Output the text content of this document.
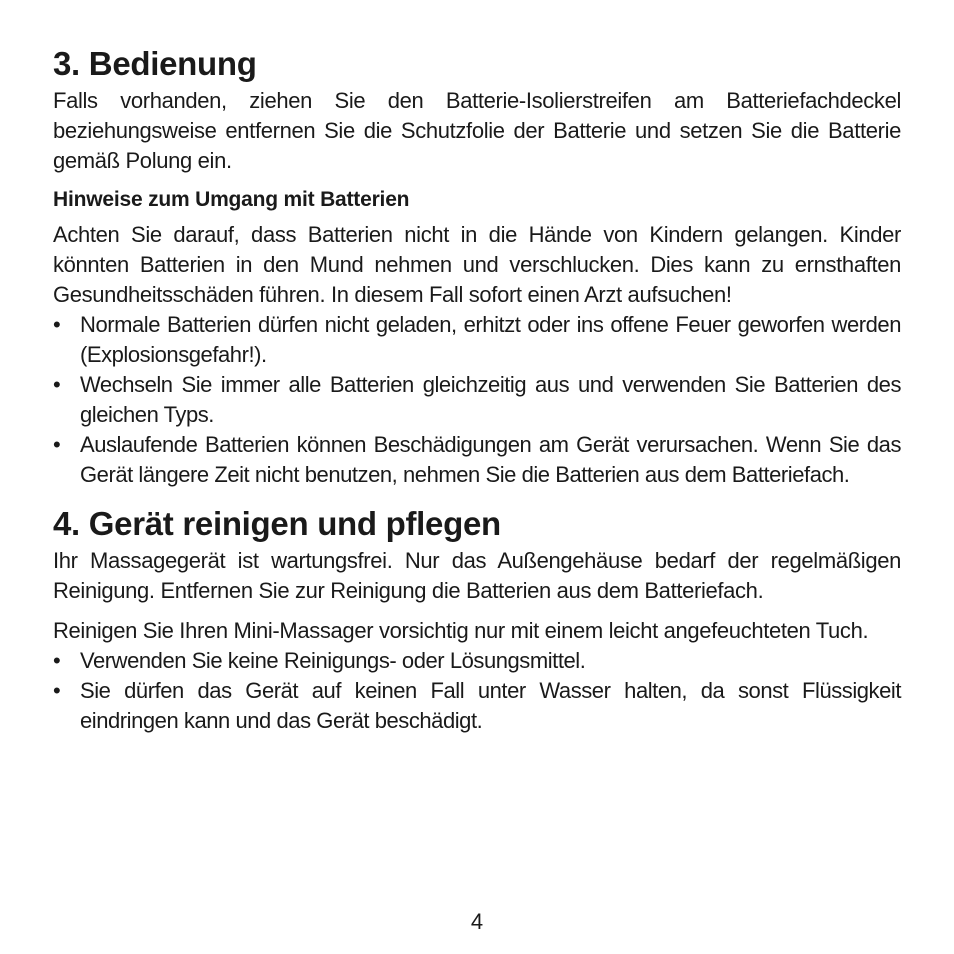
3. Bedienung

Falls vorhanden, ziehen Sie den Batterie-Isolierstreifen am Batteriefachdeckel beziehungsweise entfernen Sie die Schutzfolie der Batterie und setzen Sie die Batterie gemäß Polung ein.

Hinweise zum Umgang mit Batterien

Achten Sie darauf, dass Batterien nicht in die Hände von Kindern gelangen. Kinder könnten Batterien in den Mund nehmen und verschlucken. Dies kann zu ernsthaften Gesundheitsschäden führen. In diesem Fall sofort einen Arzt aufsuchen!

• Normale Batterien dürfen nicht geladen, erhitzt oder ins offene Feuer geworfen werden (Explosionsgefahr!).
• Wechseln Sie immer alle Batterien gleichzeitig aus und verwenden Sie Batterien des gleichen Typs.
• Auslaufende Batterien können Beschädigungen am Gerät verursachen. Wenn Sie das Gerät längere Zeit nicht benutzen, nehmen Sie die Batterien aus dem Batteriefach.
4. Gerät reinigen und pflegen

Ihr Massagegerät ist wartungsfrei. Nur das Außengehäuse bedarf der regelmäßigen Reinigung. Entfernen Sie zur Reinigung die Batterien aus dem Batteriefach.

Reinigen Sie Ihren Mini-Massager vorsichtig nur mit einem leicht angefeuchteten Tuch.

• Verwenden Sie keine Reinigungs- oder Lösungsmittel.
• Sie dürfen das Gerät auf keinen Fall unter Wasser halten, da sonst Flüssigkeit eindringen kann und das Gerät beschädigt.
4
